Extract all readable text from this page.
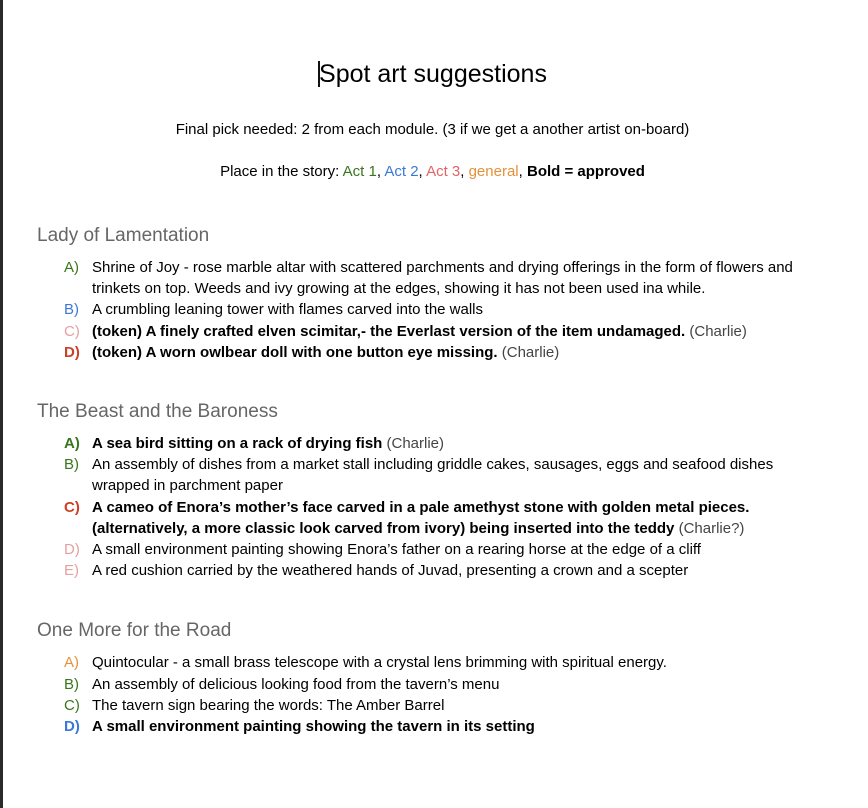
Spot art suggestions

Final pick needed: 2 from each module. (3 if we get a another artist on-board)

Place in the story: Act 1, Act 2, Act 3, general, Bold = approved

Lady of Lamentation
A) Shrine of Joy - rose marble altar with scattered parchments and drying offerings in the form of flowers and trinkets on top. Weeds and ivy growing at the edges, showing it has not been used ina while.
B) A crumbling leaning tower with flames carved into the walls
C) (token) A finely crafted elven scimitar,- the Everlast version of the item undamaged. (Charlie)
D) (token) A worn owlbear doll with one button eye missing. (Charlie)
The Beast and the Baroness
A) A sea bird sitting on a rack of drying fish (Charlie)
B) An assembly of dishes from a market stall including griddle cakes, sausages, eggs and seafood dishes wrapped in parchment paper
C) A cameo of Enora’s mother’s face carved in a pale amethyst stone with golden metal pieces. (alternatively, a more classic look carved from ivory) being inserted into the teddy (Charlie?)
D) A small environment painting showing Enora’s father on a rearing horse at the edge of a cliff
E) A red cushion carried by the weathered hands of Juvad, presenting a crown and a scepter
One More for the Road
A) Quintocular - a small brass telescope with a crystal lens brimming with spiritual energy.
B) An assembly of delicious looking food from the tavern’s menu
C) The tavern sign bearing the words: The Amber Barrel
D) A small environment painting showing the tavern in its setting
